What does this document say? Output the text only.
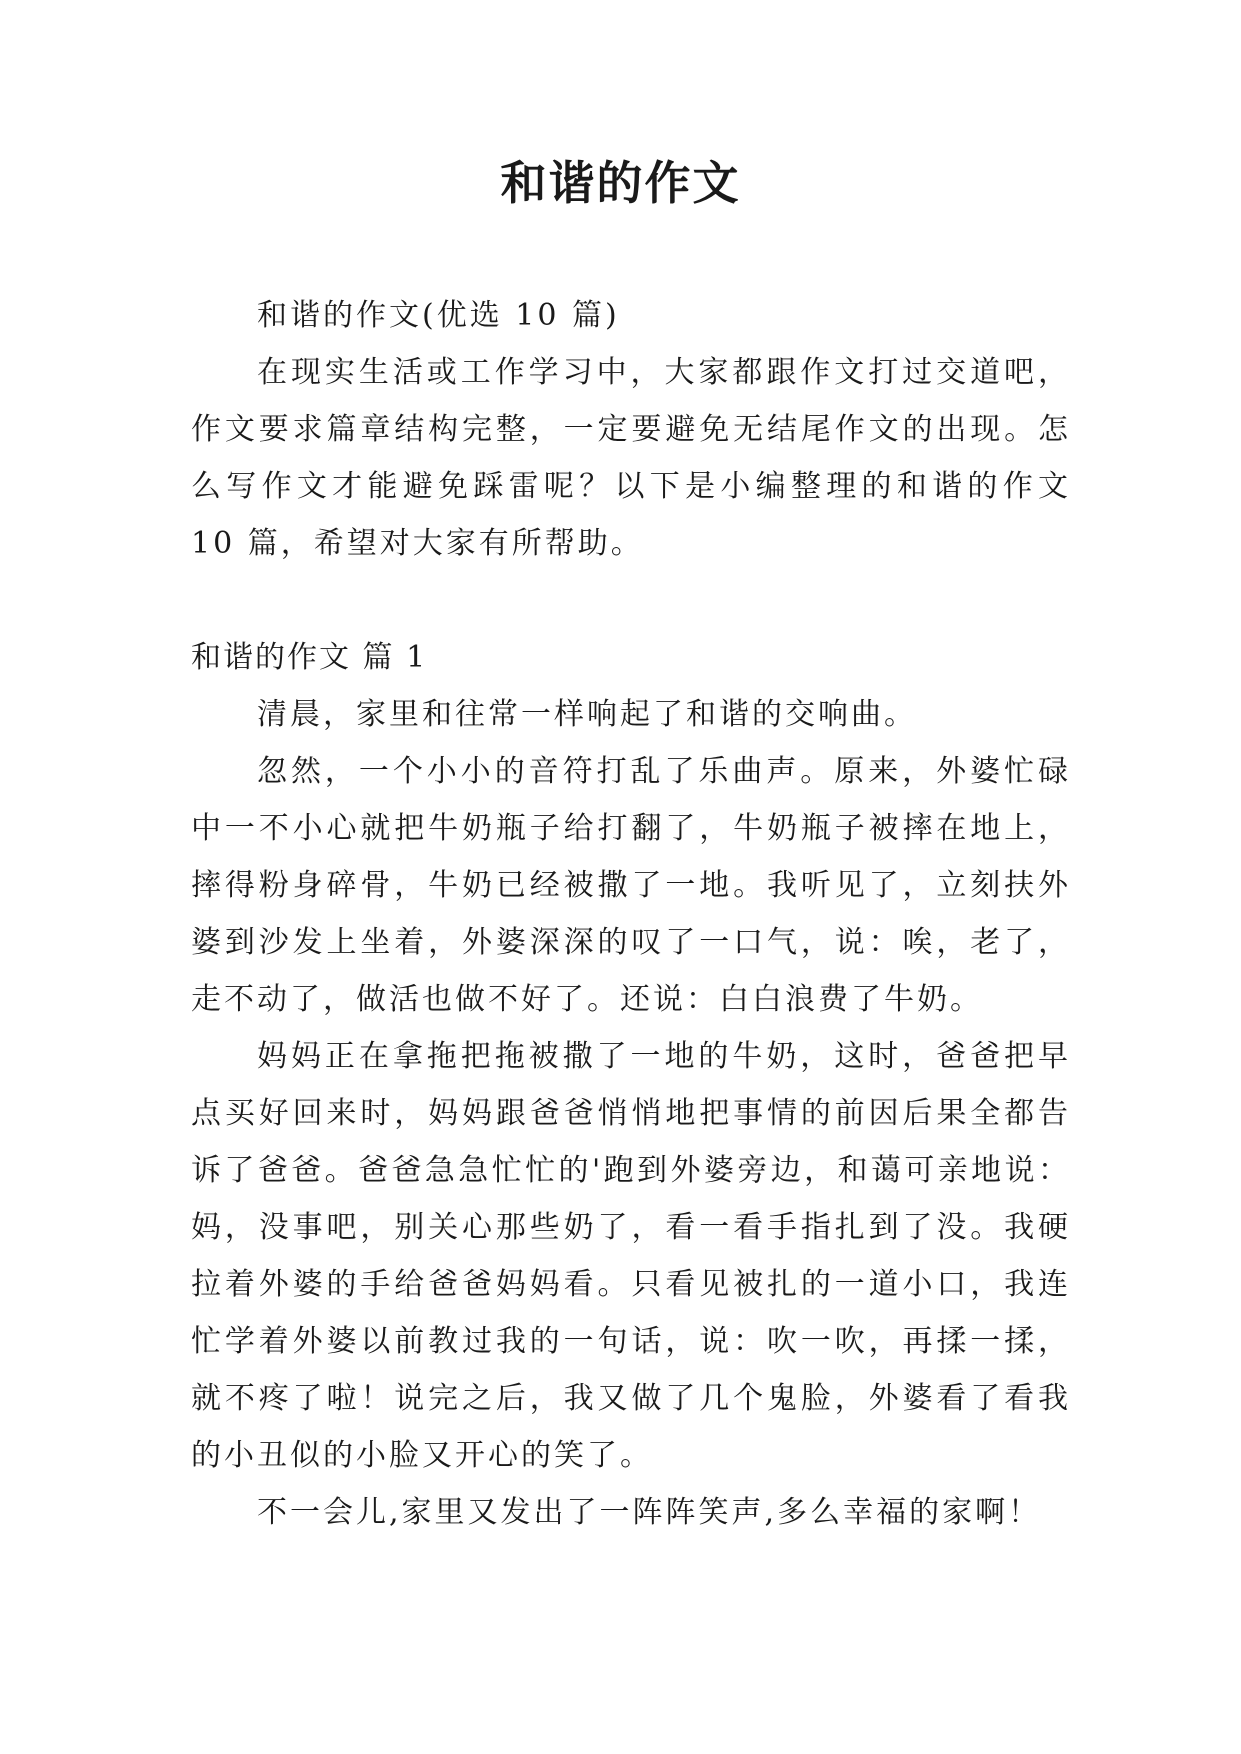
和谐的作文

和谐的作文(优选 10 篇)

在现实生活或工作学习中，大家都跟作文打过交道吧，作文要求篇章结构完整，一定要避免无结尾作文的出现。怎么写作文才能避免踩雷呢？以下是小编整理的和谐的作文 10 篇，希望对大家有所帮助。

和谐的作文 篇 1

清晨，家里和往常一样响起了和谐的交响曲。

忽然，一个小小的音符打乱了乐曲声。原来，外婆忙碌中一不小心就把牛奶瓶子给打翻了，牛奶瓶子被摔在地上，摔得粉身碎骨，牛奶已经被撒了一地。我听见了，立刻扶外婆到沙发上坐着，外婆深深的叹了一口气，说：唉，老了，走不动了，做活也做不好了。还说：白白浪费了牛奶。

妈妈正在拿拖把拖被撒了一地的牛奶，这时，爸爸把早点买好回来时，妈妈跟爸爸悄悄地把事情的前因后果全都告诉了爸爸。爸爸急急忙忙的'跑到外婆旁边，和蔼可亲地说：妈，没事吧，别关心那些奶了，看一看手指扎到了没。我硬拉着外婆的手给爸爸妈妈看。只看见被扎的一道小口，我连忙学着外婆以前教过我的一句话，说：吹一吹，再揉一揉，就不疼了啦！说完之后，我又做了几个鬼脸，外婆看了看我的小丑似的小脸又开心的笑了。

不一会儿,家里又发出了一阵阵笑声,多么幸福的家啊！
